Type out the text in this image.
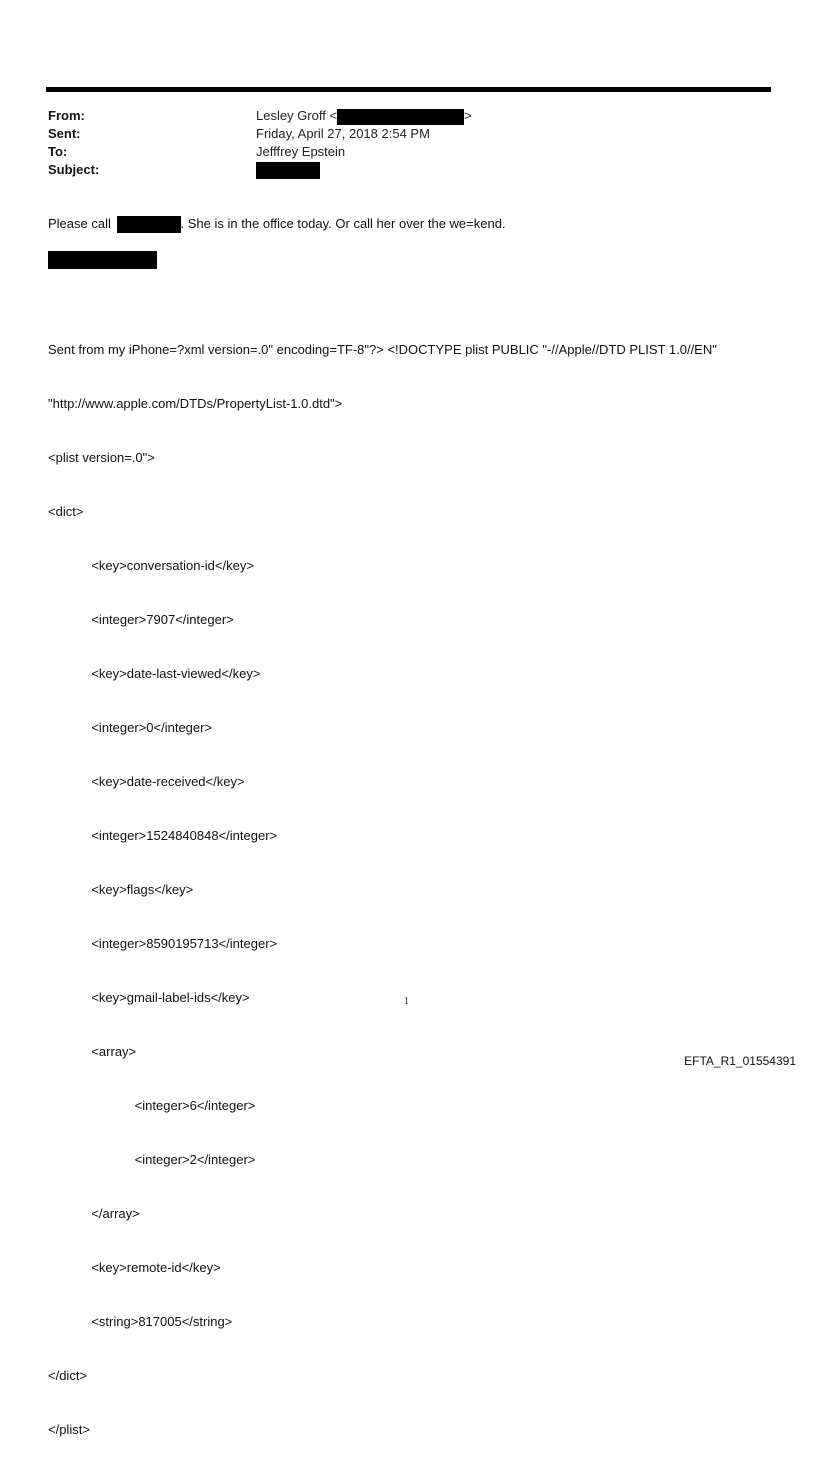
From:	Lesley Groff <	>
Sent:	Friday, April 27, 2018 2:54 PM
To:	Jefffrey Epstein
Subject:
Please call	. She is in the office today. Or call her over the we=kend.

Sent from my iPhone=?xml version=.0" encoding=TF-8"?> <!DOCTYPE plist PUBLIC "-//Apple//DTD PLIST 1.0//EN"

"http://www.apple.com/DTDs/PropertyList-1.0.dtd">

<plist version=.0">

<dict>

<key>conversation-id</key>

<integer>7907</integer>

<key>date-last-viewed</key>

<integer>0</integer>

<key>date-received</key>

<integer>1524840848</integer>

<key>flags</key>

<integer>8590195713</integer>

<key>gmail-label-ids</key>

<array>

<integer>6</integer>

<integer>2</integer>

</array>

<key>remote-id</key>

<string>817005</string>

</dict>

</plist>

1
EFTA_R1_01554391
